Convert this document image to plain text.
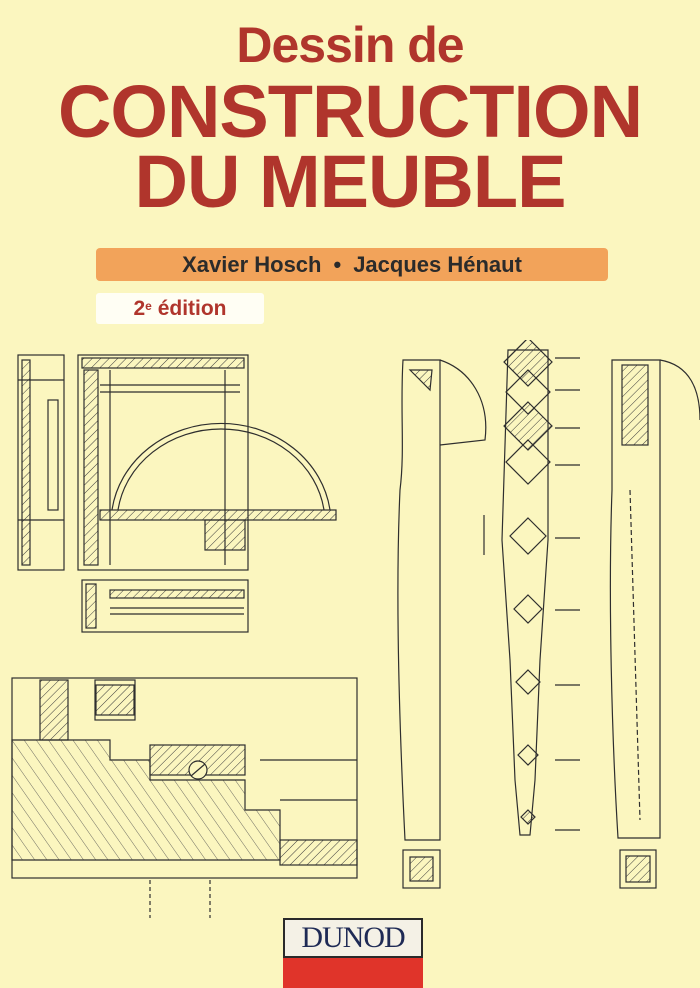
Dessin de
CONSTRUCTION
DU MEUBLE
Xavier Hosch • Jacques Hénaut
2e
édition
DUNOD
